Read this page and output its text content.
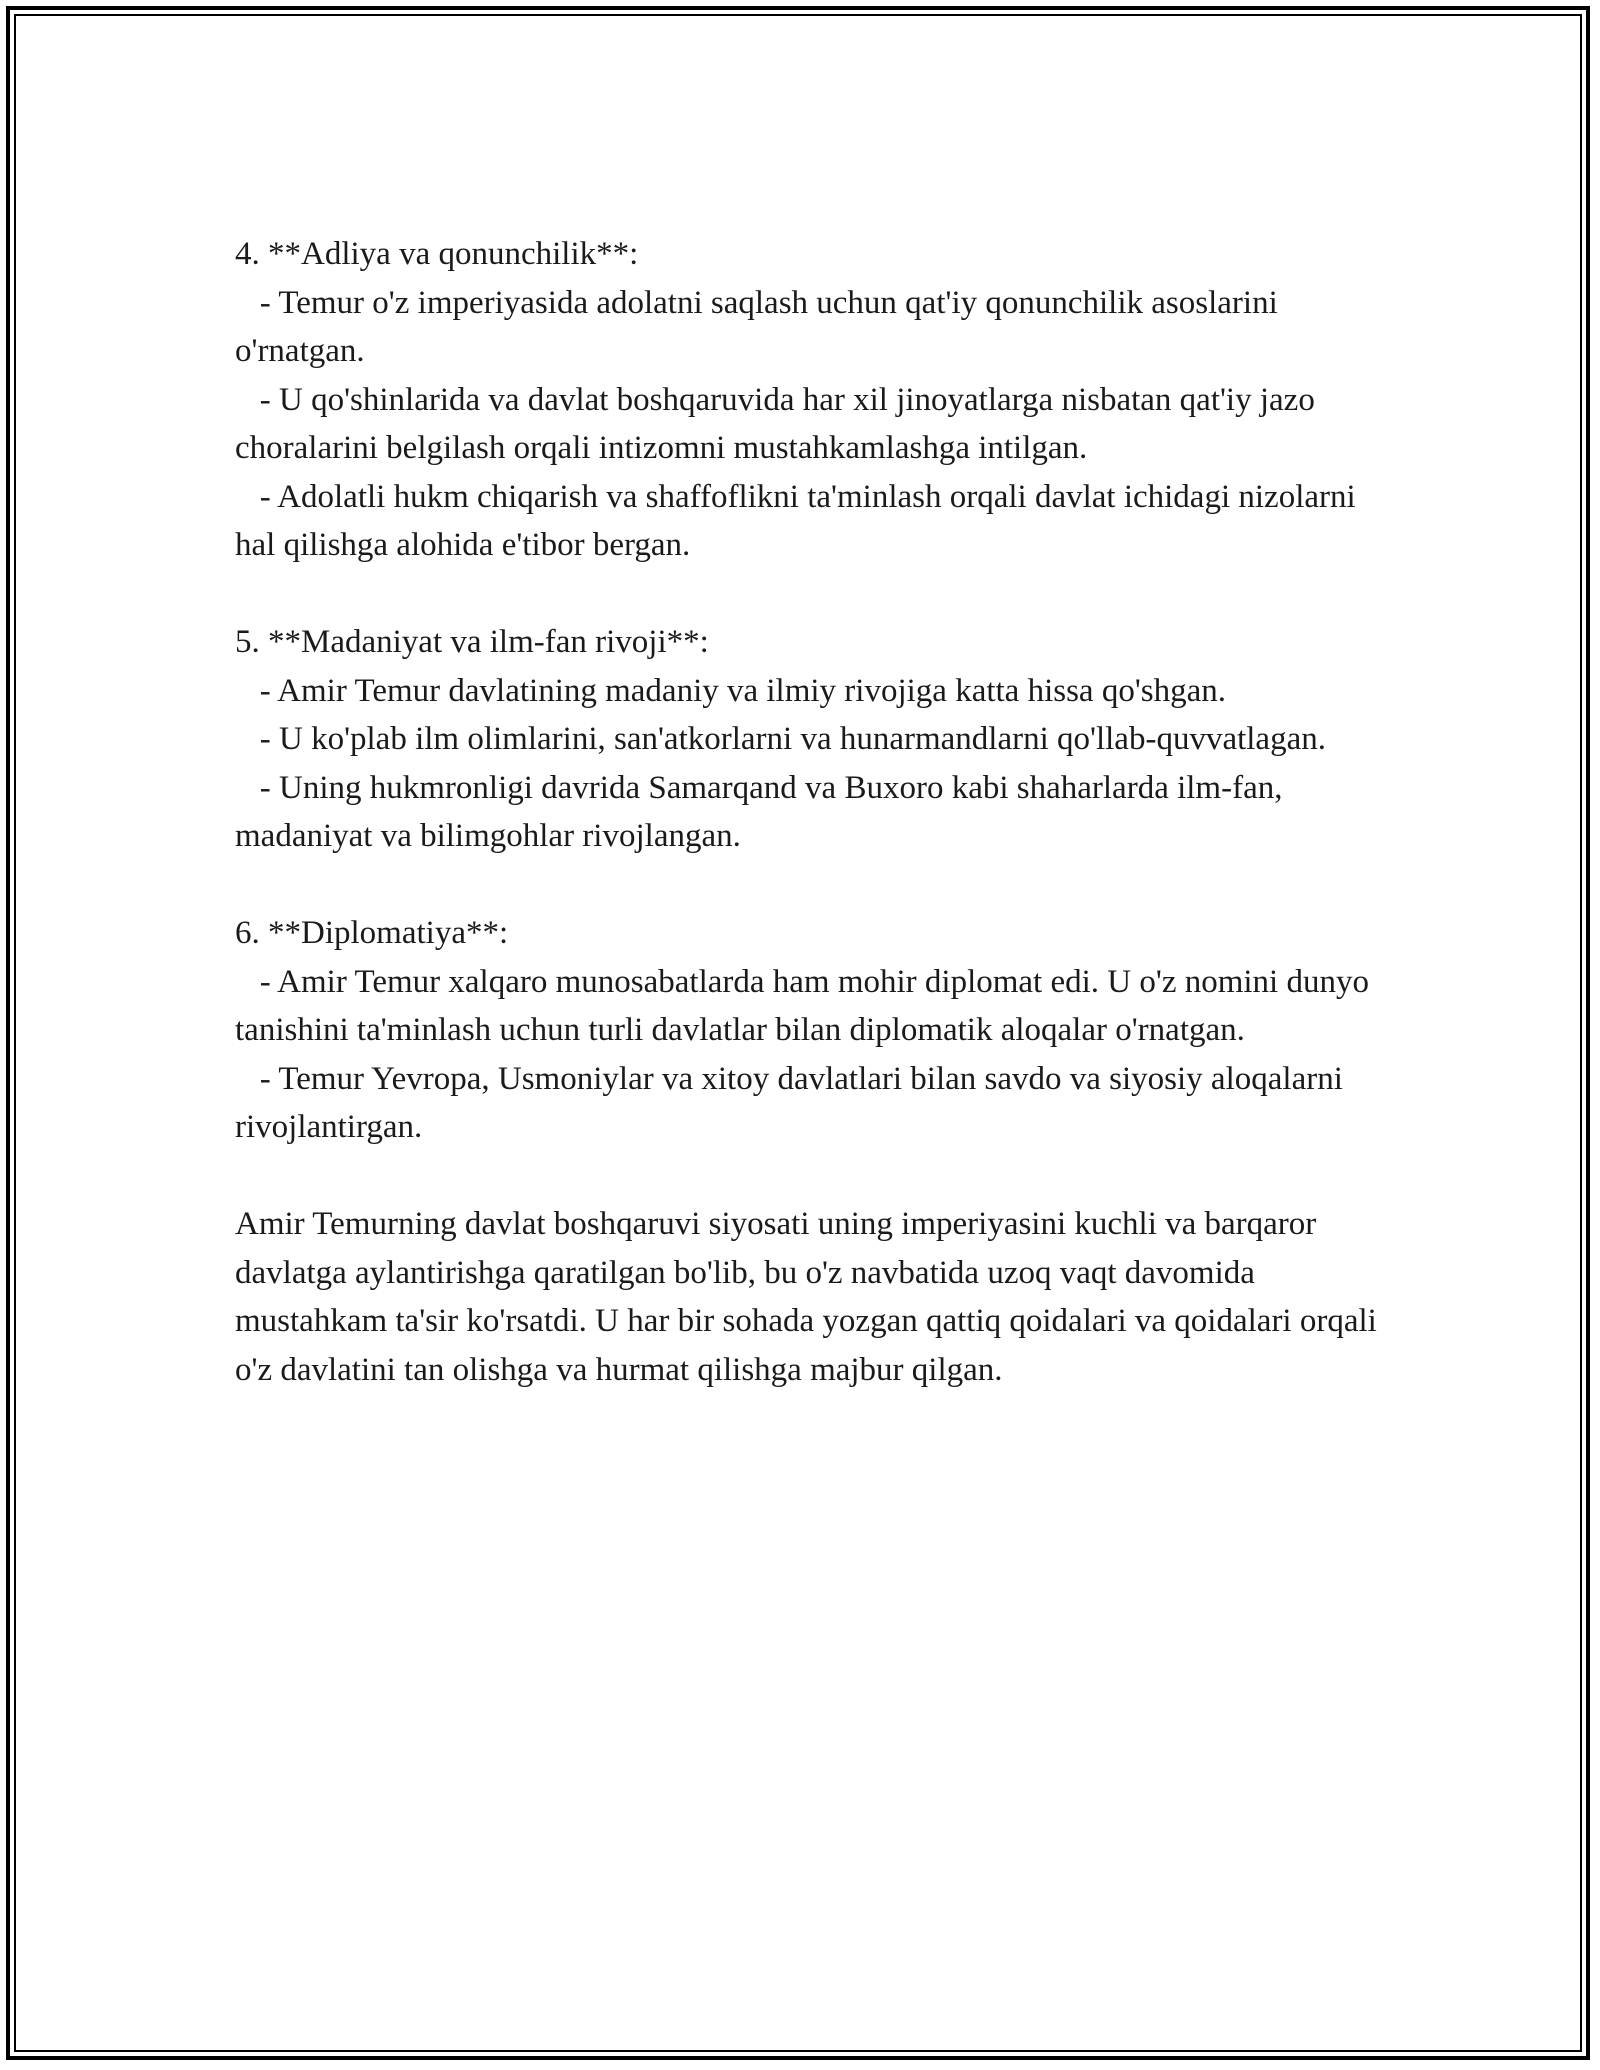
4. **Adliya va qonunchilik**:

- Temur o'z imperiyasida adolatni saqlash uchun qat'iy qonunchilik asoslarini o'rnatgan.

- U qo'shinlarida va davlat boshqaruvida har xil jinoyatlarga nisbatan qat'iy jazo choralarini belgilash orqali intizomni mustahkamlashga intilgan.

- Adolatli hukm chiqarish va shaffoflikni ta'minlash orqali davlat ichidagi nizolarni hal qilishga alohida e'tibor bergan.

5. **Madaniyat va ilm-fan rivoji**:

- Amir Temur davlatining madaniy va ilmiy rivojiga katta hissa qo'shgan.

- U ko'plab ilm olimlarini, san'atkorlarni va hunarmandlarni qo'llab-quvvatlagan.

- Uning hukmronligi davrida Samarqand va Buxoro kabi shaharlarda ilm-fan, madaniyat va bilimgohlar rivojlangan.

6. **Diplomatiya**:

- Amir Temur xalqaro munosabatlarda ham mohir diplomat edi. U o'z nomini dunyo tanishini ta'minlash uchun turli davlatlar bilan diplomatik aloqalar o'rnatgan.

- Temur Yevropa, Usmoniylar va xitoy davlatlari bilan savdo va siyosiy aloqalarni rivojlantirgan.

Amir Temurning davlat boshqaruvi siyosati uning imperiyasini kuchli va barqaror davlatga aylantirishga qaratilgan bo'lib, bu o'z navbatida uzoq vaqt davomida mustahkam ta'sir ko'rsatdi. U har bir sohada yozgan qattiq qoidalari va qoidalari orqali o'z davlatini tan olishga va hurmat qilishga majbur qilgan.
